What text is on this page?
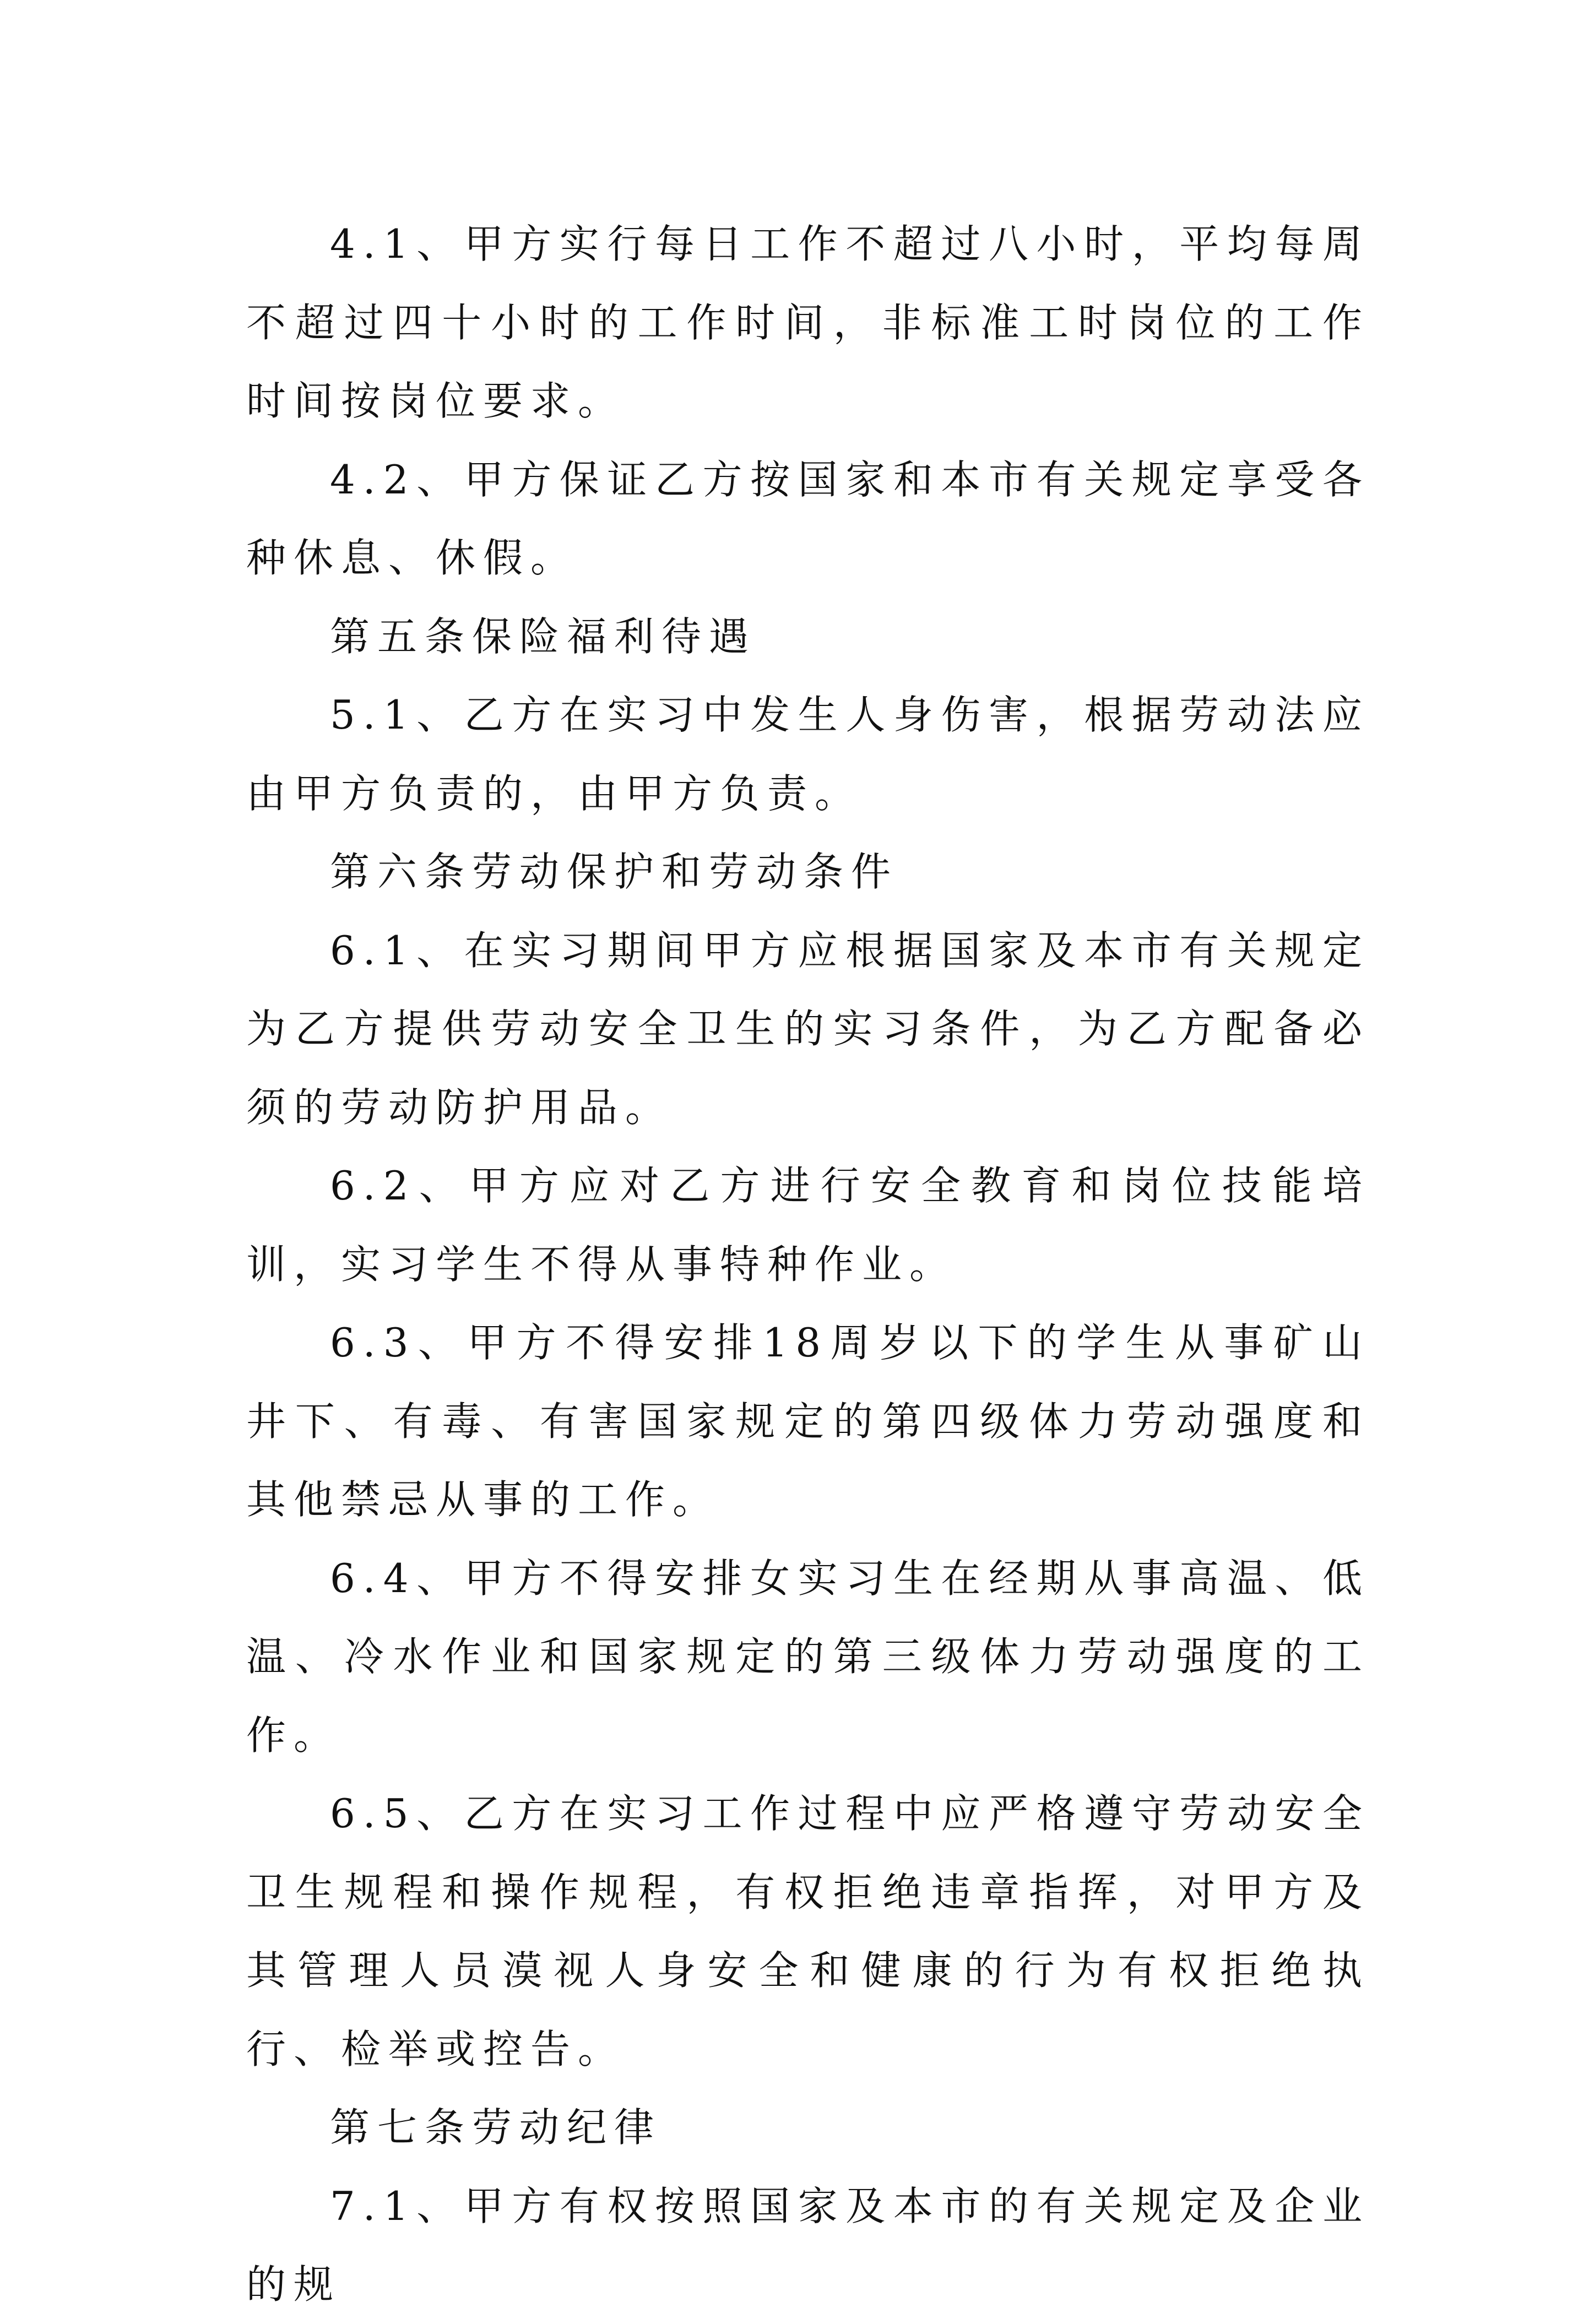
4.1、甲方实行每日工作不超过八小时，平均每周不超过四十小时的工作时间，非标准工时岗位的工作时间按岗位要求。

4.2、甲方保证乙方按国家和本市有关规定享受各种休息、休假。

第五条保险福利待遇

5.1、乙方在实习中发生人身伤害，根据劳动法应由甲方负责的，由甲方负责。

第六条劳动保护和劳动条件

6.1、在实习期间甲方应根据国家及本市有关规定为乙方提供劳动安全卫生的实习条件，为乙方配备必须的劳动防护用品。

6.2、甲方应对乙方进行安全教育和岗位技能培训，实习学生不得从事特种作业。

6.3、甲方不得安排18周岁以下的学生从事矿山井下、有毒、有害国家规定的第四级体力劳动强度和其他禁忌从事的工作。

6.4、甲方不得安排女实习生在经期从事高温、低温、冷水作业和国家规定的第三级体力劳动强度的工作。

6.5、乙方在实习工作过程中应严格遵守劳动安全卫生规程和操作规程，有权拒绝违章指挥，对甲方及其管理人员漠视人身安全和健康的行为有权拒绝执行、检举或控告。

第七条劳动纪律

7.1、甲方有权按照国家及本市的有关规定及企业的规
